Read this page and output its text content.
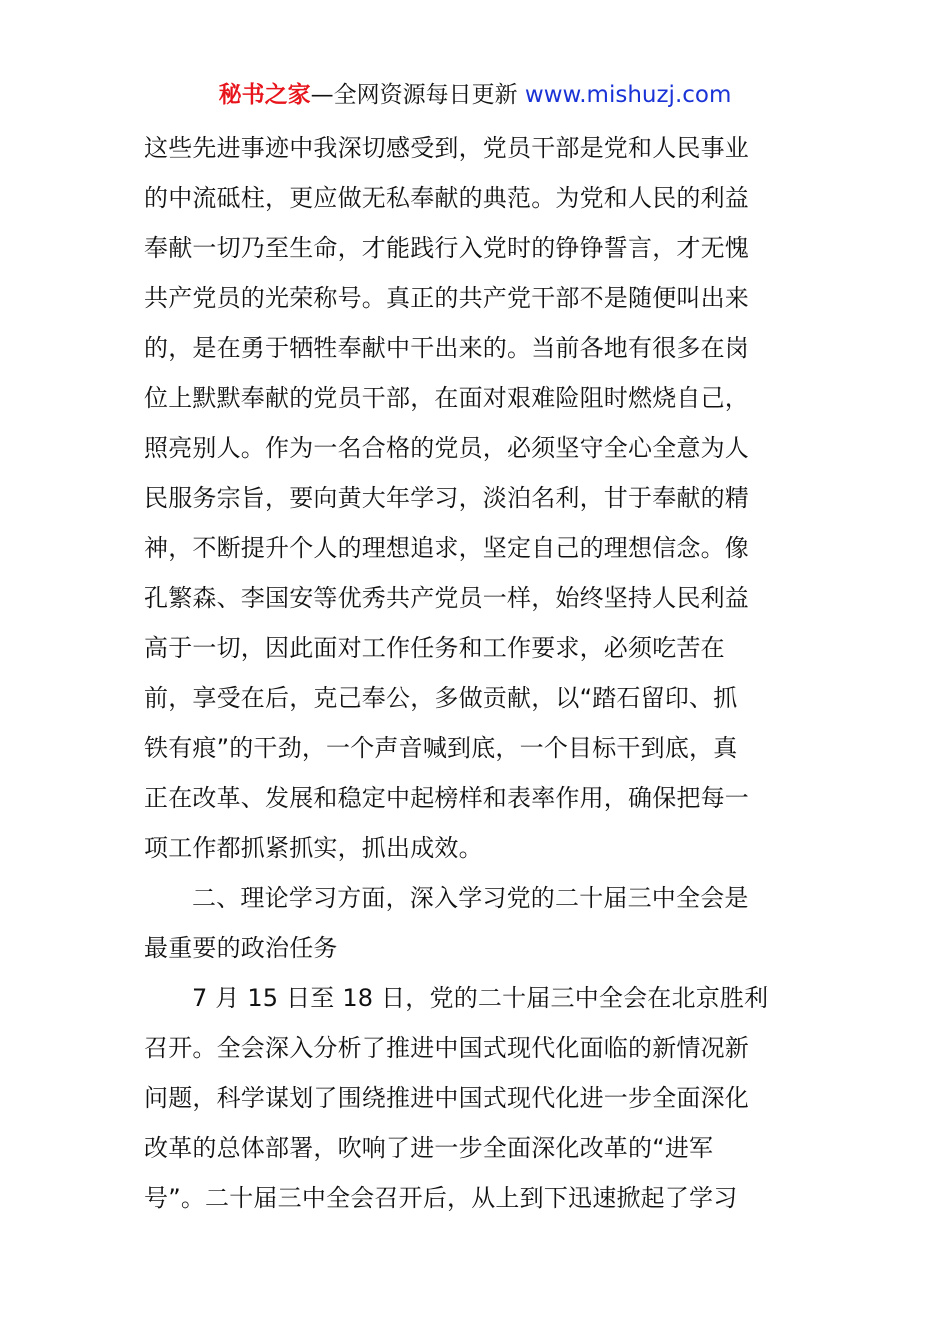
秘书之家—全网资源每日更新 www.mishuzj.com
这些先进事迹中我深切感受到，党员干部是党和人民事业
的中流砥柱，更应做无私奉献的典范。为党和人民的利益
奉献一切乃至生命，才能践行入党时的铮铮誓言，才无愧
共产党员的光荣称号。真正的共产党干部不是随便叫出来
的，是在勇于牺牲奉献中干出来的。当前各地有很多在岗
位上默默奉献的党员干部，在面对艰难险阻时燃烧自己，
照亮别人。作为一名合格的党员，必须坚守全心全意为人
民服务宗旨，要向黄大年学习，淡泊名利，甘于奉献的精
神，不断提升个人的理想追求，坚定自己的理想信念。像
孔繁森、李国安等优秀共产党员一样，始终坚持人民利益
高于一切，因此面对工作任务和工作要求，必须吃苦在
前，享受在后，克己奉公，多做贡献，以“踏石留印、抓
铁有痕”的干劲，一个声音喊到底，一个目标干到底，真
正在改革、发展和稳定中起榜样和表率作用，确保把每一
项工作都抓紧抓实，抓出成效。
二、理论学习方面，深入学习党的二十届三中全会是
最重要的政治任务
7 月 15 日至 18 日，党的二十届三中全会在北京胜利
召开。全会深入分析了推进中国式现代化面临的新情况新
问题，科学谋划了围绕推进中国式现代化进一步全面深化
改革的总体部署，吹响了进一步全面深化改革的“进军
号”。二十届三中全会召开后，从上到下迅速掀起了学习
